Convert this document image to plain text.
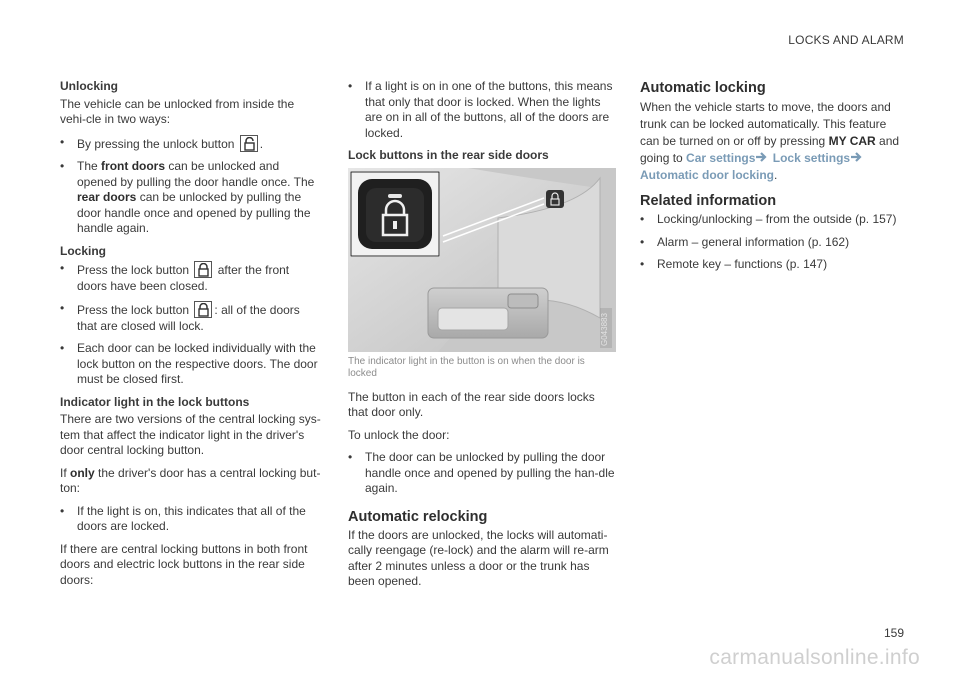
LOCKS AND ALARM
Unlocking

The vehicle can be unlocked from inside the vehi-cle in two ways:

• By pressing the unlock button .
• The front doors can be unlocked and opened by pulling the door handle once. The rear doors can be unlocked by pulling the door handle once and opened by pulling the handle again.
Locking
• Press the lock button after the front doors have been closed.
• Press the lock button : all of the doors that are closed will lock.
• Each door can be locked individually with the lock button on the respective doors. The door must be closed first.
Indicator light in the lock buttons

There are two versions of the central locking sys-tem that affect the indicator light in the driver's door central locking button.

If only the driver's door has a central locking but-ton:

• If the light is on, this indicates that all of the doors are locked.

If there are central locking buttons in both front doors and electric lock buttons in the rear side doors:

• If a light is on in one of the buttons, this means that only that door is locked. When the lights are on in all of the buttons, all of the doors are locked.
Lock buttons in the rear side doors
G043883
The indicator light in the button is on when the door is locked

The button in each of the rear side doors locks that door only.

To unlock the door:

• The door can be unlocked by pulling the door handle once and opened by pulling the han-dle again.
Automatic relocking

If the doors are unlocked, the locks will automati-cally reengage (re-lock) and the alarm will re-arm after 2 minutes unless a door or the trunk has been opened.

Automatic locking

When the vehicle starts to move, the doors and trunk can be locked automatically. This feature can be turned on or off by pressing MY CAR and going to Car settings Lock settings Automatic door locking.

Related information
• Locking/unlocking – from the outside (p. 157)
• Alarm – general information (p. 162)
• Remote key – functions (p. 147)
159
carmanualsonline.info
